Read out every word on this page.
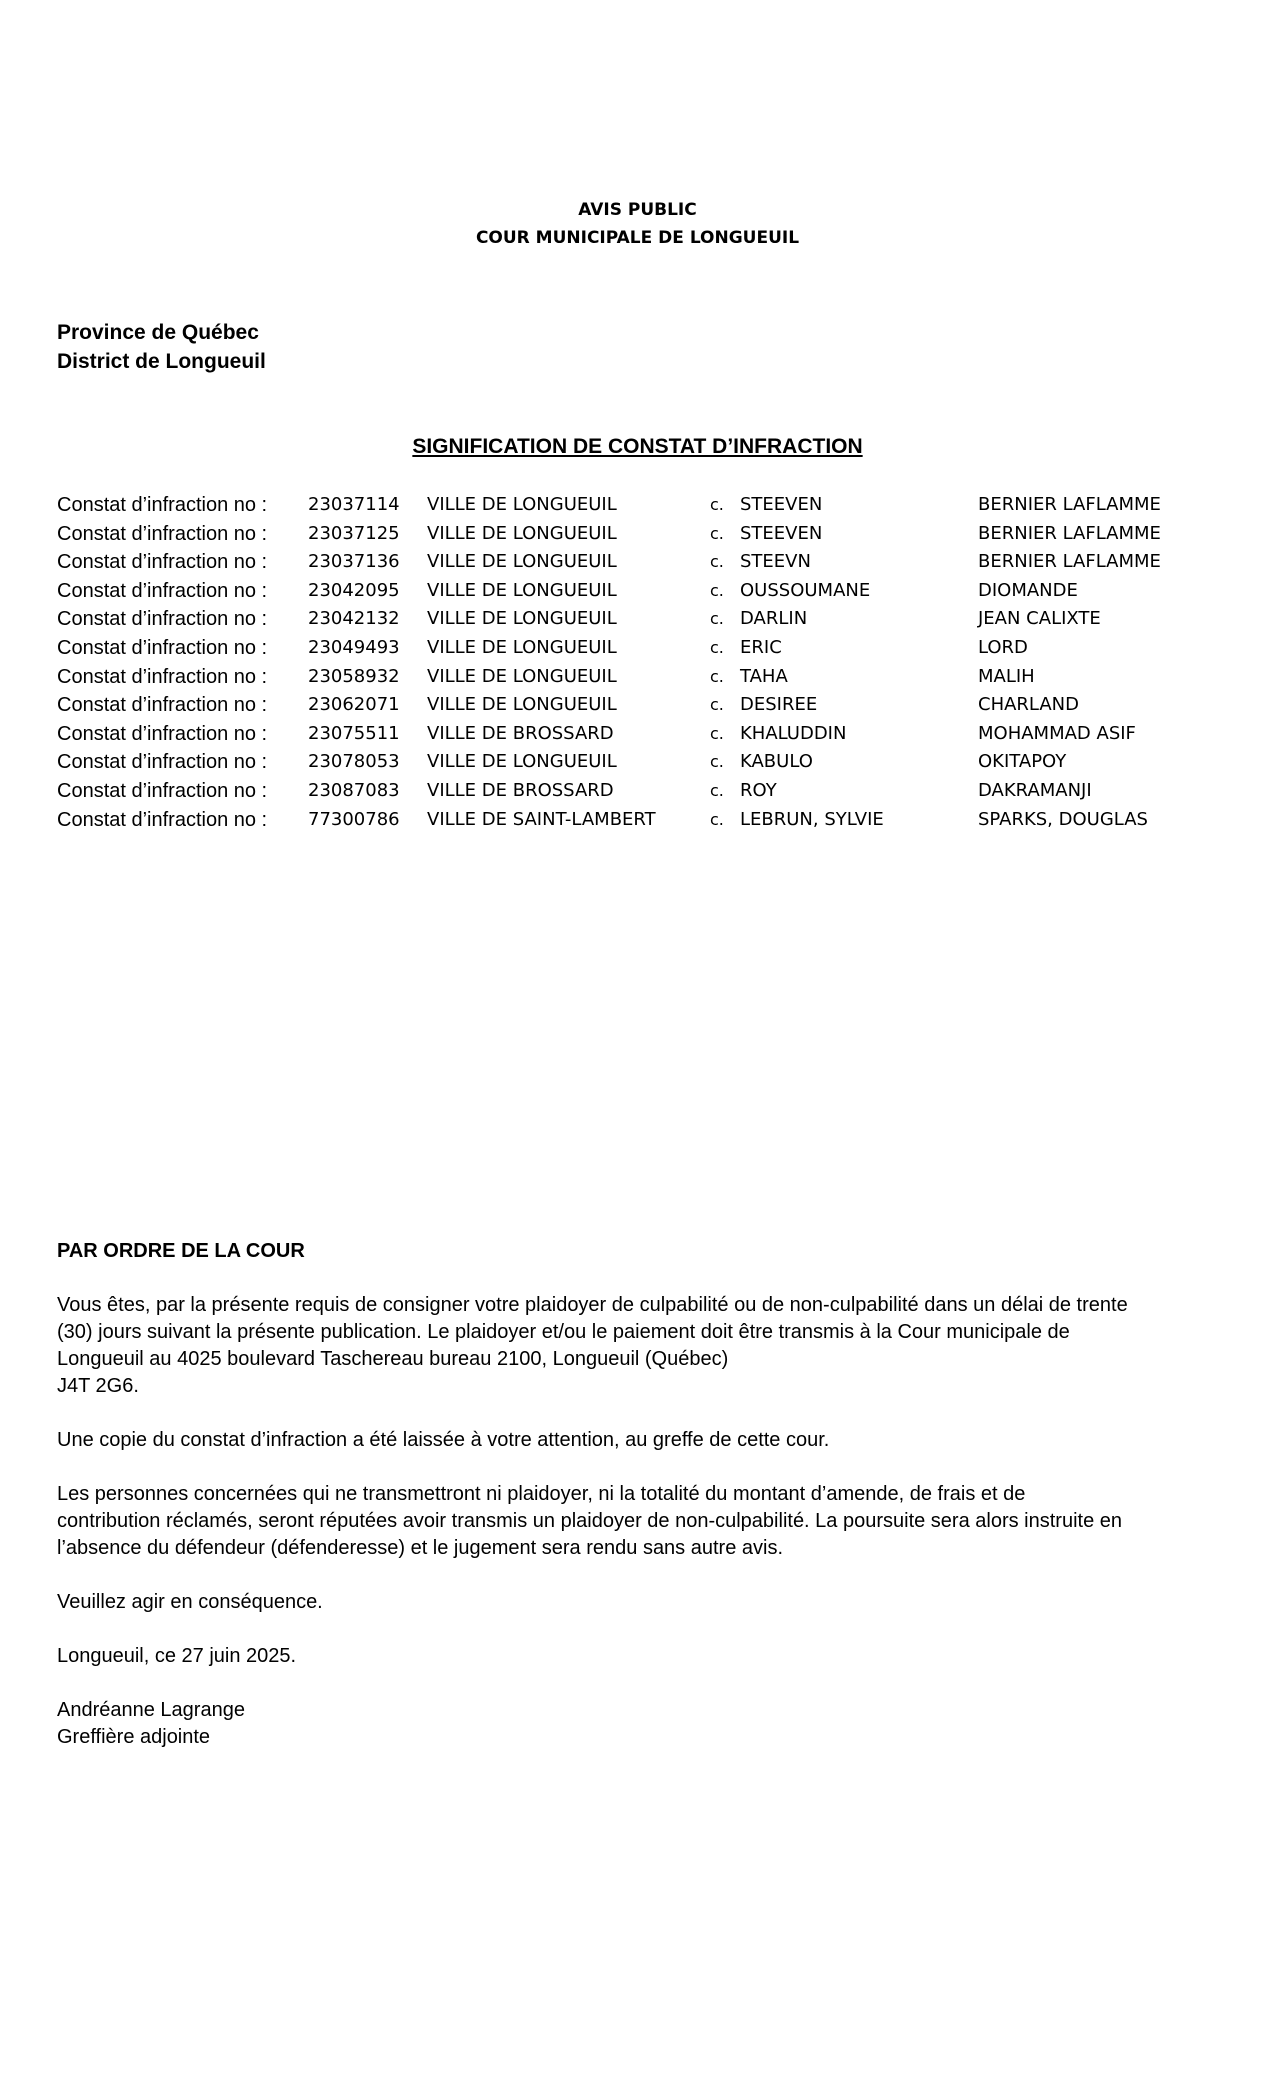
AVIS PUBLIC
COUR MUNICIPALE DE LONGUEUIL
Province de Québec
District de Longueuil
SIGNIFICATION DE CONSTAT D’INFRACTION
Constat d’infraction no : 23037114 VILLE DE LONGUEUIL	c. STEEVEN	BERNIER LAFLAMME
Constat d’infraction no : 23037125 VILLE DE LONGUEUIL	c. STEEVEN	BERNIER LAFLAMME
Constat d’infraction no : 23037136 VILLE DE LONGUEUIL	c. STEEVN	BERNIER LAFLAMME
Constat d’infraction no : 23042095 VILLE DE LONGUEUIL	c. OUSSOUMANE	DIOMANDE
Constat d’infraction no : 23042132 VILLE DE LONGUEUIL	c. DARLIN	JEAN CALIXTE
Constat d’infraction no : 23049493 VILLE DE LONGUEUIL	c. ERIC	LORD
Constat d’infraction no : 23058932 VILLE DE LONGUEUIL	c. TAHA	MALIH
Constat d’infraction no : 23062071 VILLE DE LONGUEUIL	c. DESIREE	CHARLAND
Constat d’infraction no : 23075511 VILLE DE BROSSARD	c. KHALUDDIN	MOHAMMAD ASIF
Constat d’infraction no : 23078053 VILLE DE LONGUEUIL	c. KABULO	OKITAPOY
Constat d’infraction no : 23087083 VILLE DE BROSSARD	c. ROY	DAKRAMANJI
Constat d’infraction no : 77300786 VILLE DE SAINT-LAMBERT	c. LEBRUN, SYLVIE	SPARKS, DOUGLAS

PAR ORDRE DE LA COUR

Vous êtes, par la présente requis de consigner votre plaidoyer de culpabilité ou de non-culpabilité dans un délai de trente
(30) jours suivant la présente publication. Le plaidoyer et/ou le paiement doit être transmis à la Cour municipale de
Longueuil au 4025 boulevard Taschereau bureau 2100, Longueuil (Québec)
J4T 2G6.

Une copie du constat d’infraction a été laissée à votre attention, au greffe de cette cour.

Les personnes concernées qui ne transmettront ni plaidoyer, ni la totalité du montant d’amende, de frais et de
contribution réclamés, seront réputées avoir transmis un plaidoyer de non-culpabilité. La poursuite sera alors instruite en
l’absence du défendeur (défenderesse) et le jugement sera rendu sans autre avis.

Veuillez agir en conséquence.

Longueuil, ce 27 juin 2025.

Andréanne Lagrange
Greffière adjointe
